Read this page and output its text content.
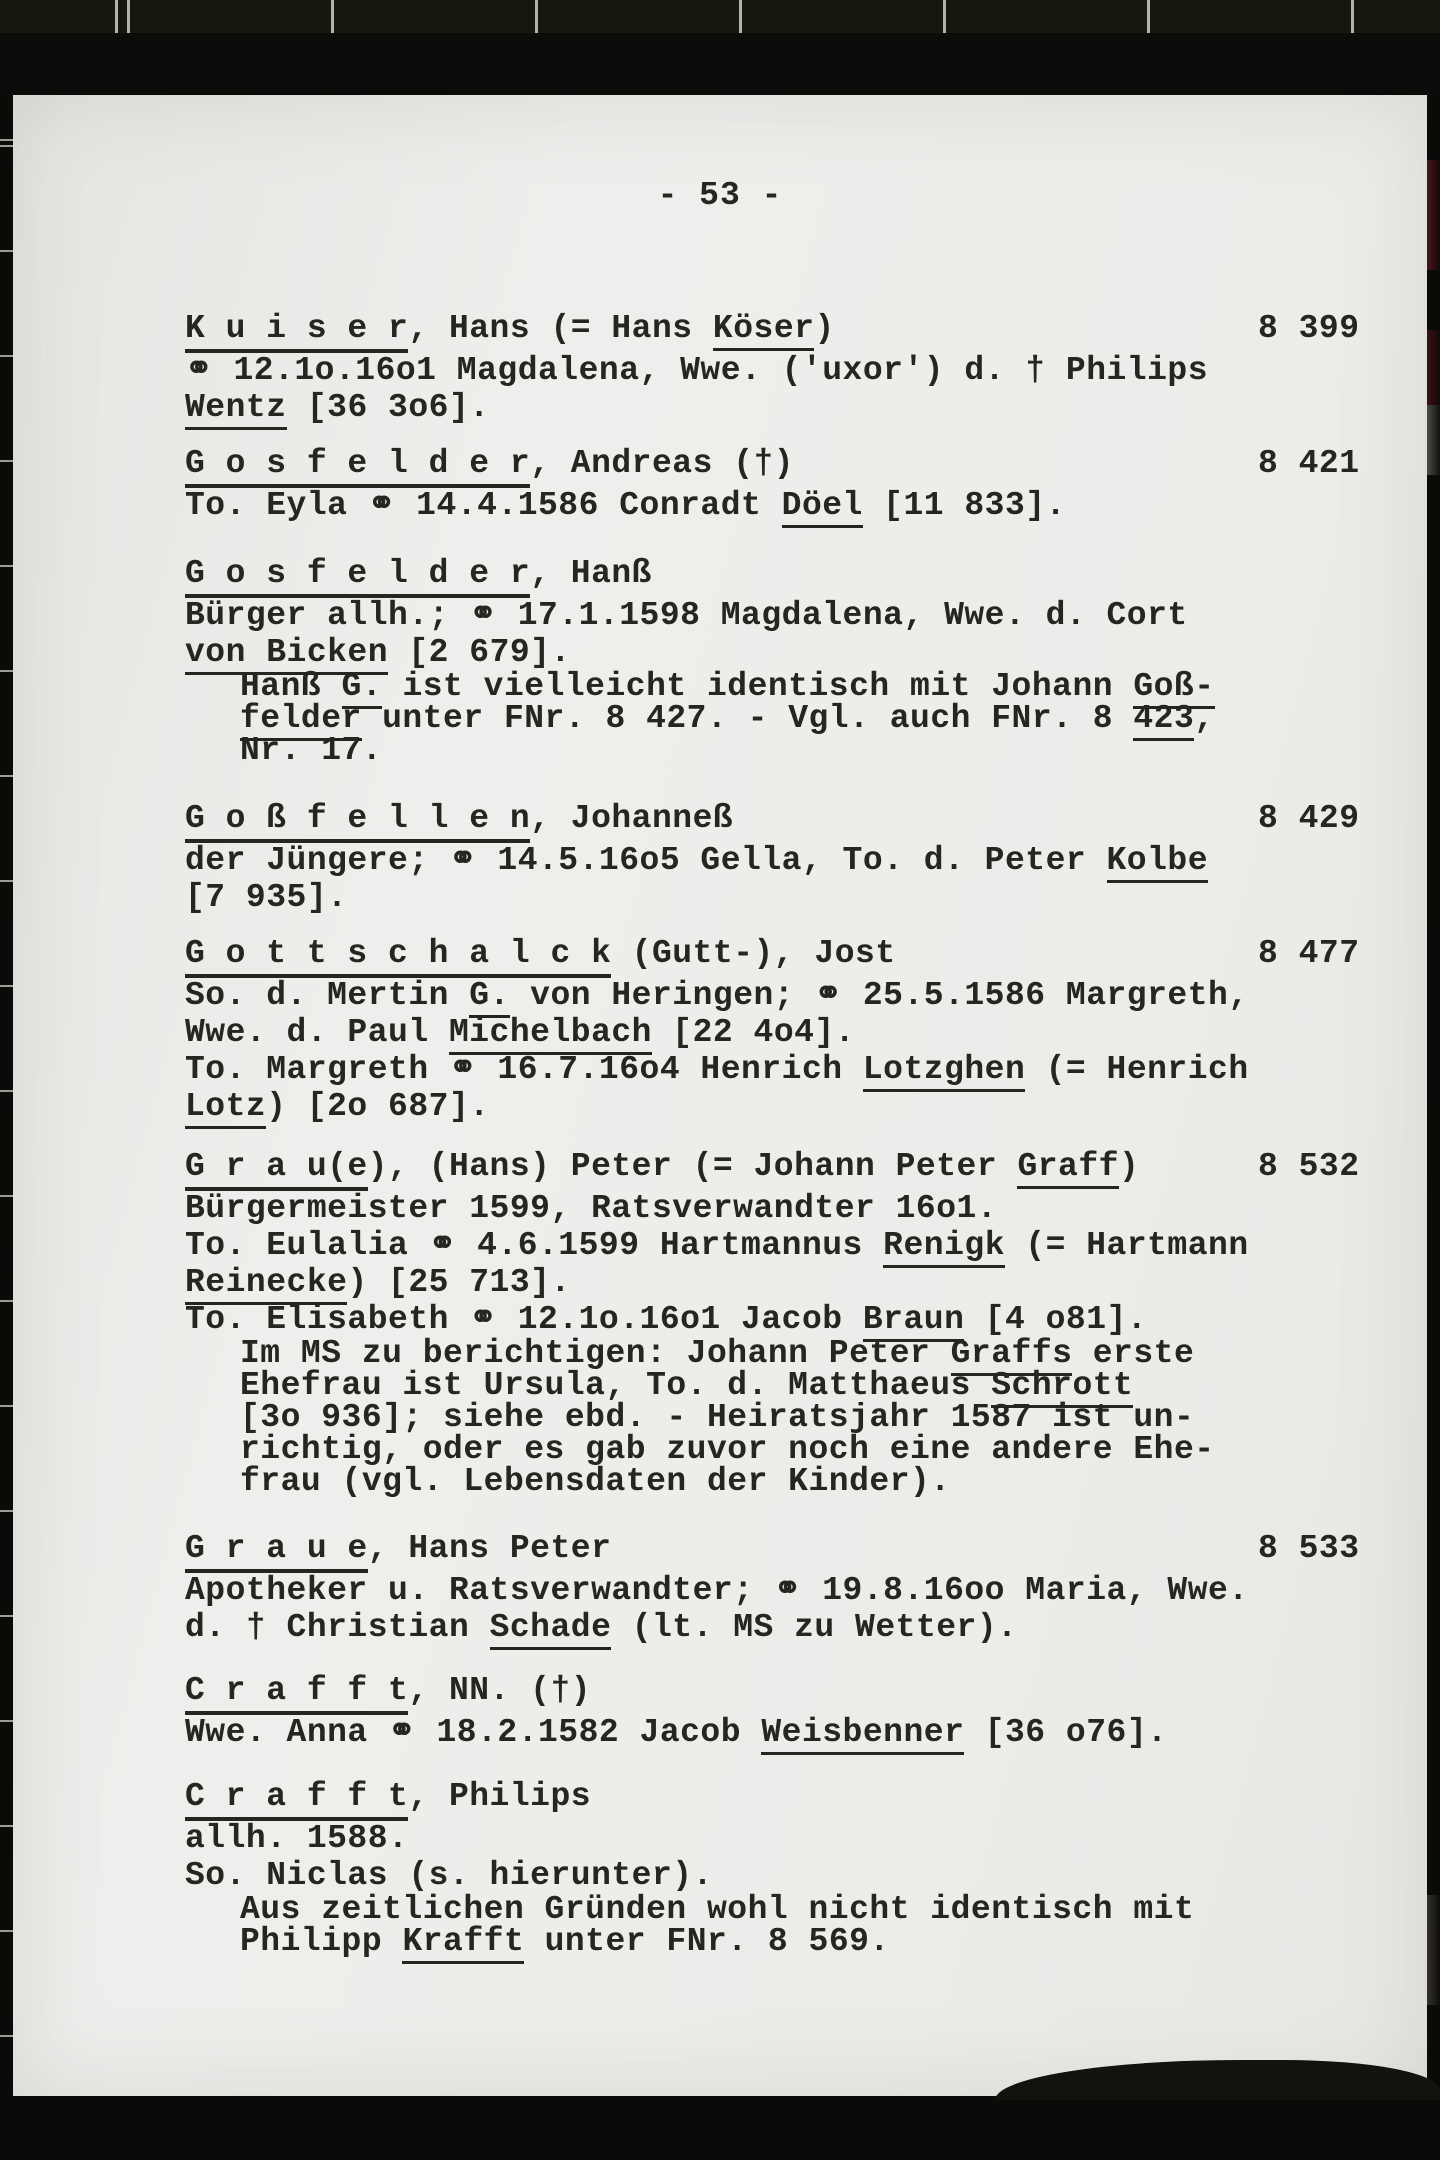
- 53 -
K u i s e r, Hans (= Hans Köser)	8 399
⚭ 12.1o.16o1 Magdalena, Wwe. ('uxor') d. † Philips
Wentz [36 3o6].
G o s f e l d e r, Andreas (†)	8 421
To. Eyla ⚭ 14.4.1586 Conradt Döel [11 833].
G o s f e l d e r, Hanß
Bürger allh.; ⚭ 17.1.1598 Magdalena, Wwe. d. Cort
von Bicken [2 679].
Hanß G. ist vielleicht identisch mit Johann Goß-
felder unter FNr. 8 427. - Vgl. auch FNr. 8 423,
Nr. 17.
G o ß f e l l e n, Johanneß	8 429
der Jüngere; ⚭ 14.5.16o5 Gella, To. d. Peter Kolbe
[7 935].
G o t t s c h a l c k (Gutt-), Jost	8 477
So. d. Mertin G. von Heringen; ⚭ 25.5.1586 Margreth,
Wwe. d. Paul Michelbach [22 4o4].
To. Margreth ⚭ 16.7.16o4 Henrich Lotzghen (= Henrich
Lotz) [2o 687].
G r a u(e), (Hans) Peter (= Johann Peter Graff)	8 532
Bürgermeister 1599, Ratsverwandter 16o1.
To. Eulalia ⚭ 4.6.1599 Hartmannus Renigk (= Hartmann
Reinecke) [25 713].
To. Elisabeth ⚭ 12.1o.16o1 Jacob Braun [4 o81].
Im MS zu berichtigen: Johann Peter Graffs erste
Ehefrau ist Ursula, To. d. Matthaeus Schrott
[3o 936]; siehe ebd. - Heiratsjahr 1587 ist un-
richtig, oder es gab zuvor noch eine andere Ehe-
frau (vgl. Lebensdaten der Kinder).
G r a u e, Hans Peter	8 533
Apotheker u. Ratsverwandter; ⚭ 19.8.16oo Maria, Wwe.
d. † Christian Schade (lt. MS zu Wetter).
C r a f f t, NN. (†)
Wwe. Anna ⚭ 18.2.1582 Jacob Weisbenner [36 o76].
C r a f f t, Philips
allh. 1588.
So. Niclas (s. hierunter).
Aus zeitlichen Gründen wohl nicht identisch mit
Philipp Krafft unter FNr. 8 569.
